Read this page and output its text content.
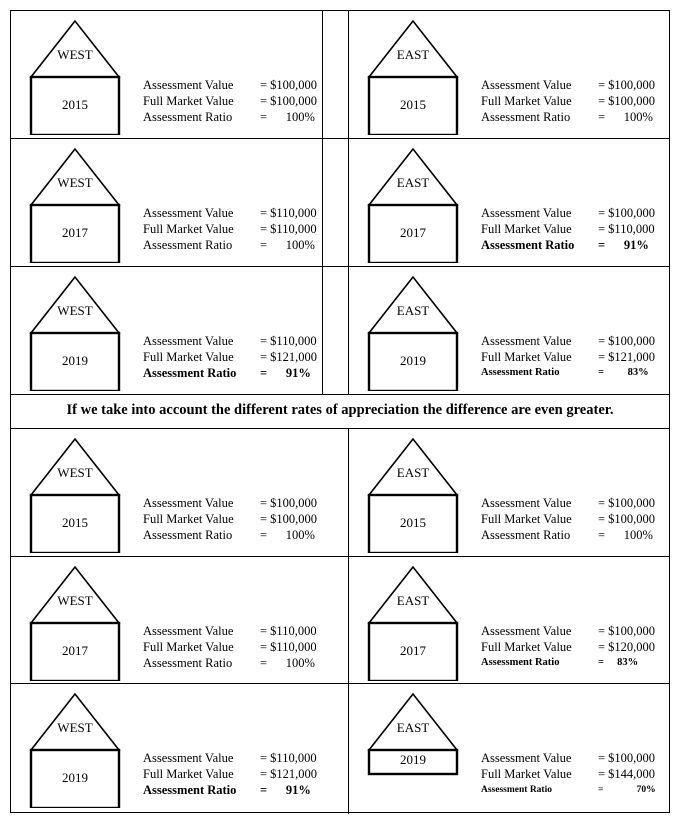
If we take into account the different rates of appreciation the difference are even greater.
WEST
2015
Assessment Value	= $100,000
Full Market Value	= $100,000
Assessment Ratio	=      100%
EAST
2015
Assessment Value	= $100,000
Full Market Value	= $100,000
Assessment Ratio	=      100%
WEST
2017
Assessment Value	= $110,000
Full Market Value	= $110,000
Assessment Ratio	=      100%
EAST
2017
Assessment Value	= $100,000
Full Market Value	= $110,000
Assessment Ratio	=      91%
WEST
2019
Assessment Value	= $110,000
Full Market Value	= $121,000
Assessment Ratio	=      91%
EAST
2019
Assessment Value	= $100,000
Full Market Value	= $121,000
Assessment Ratio	=         83%
WEST
2015
Assessment Value	= $100,000
Full Market Value	= $100,000
Assessment Ratio	=      100%
EAST
2015
Assessment Value	= $100,000
Full Market Value	= $100,000
Assessment Ratio	=      100%
WEST
2017
Assessment Value	= $110,000
Full Market Value	= $110,000
Assessment Ratio	=      100%
EAST
2017
Assessment Value	= $100,000
Full Market Value	= $120,000
Assessment Ratio	=     83%
WEST
2019
Assessment Value	= $110,000
Full Market Value	= $121,000
Assessment Ratio	=      91%
EAST
2019	Assessment Value	= $100,000
Full Market Value	= $144,000
Assessment Ratio	=              70%
